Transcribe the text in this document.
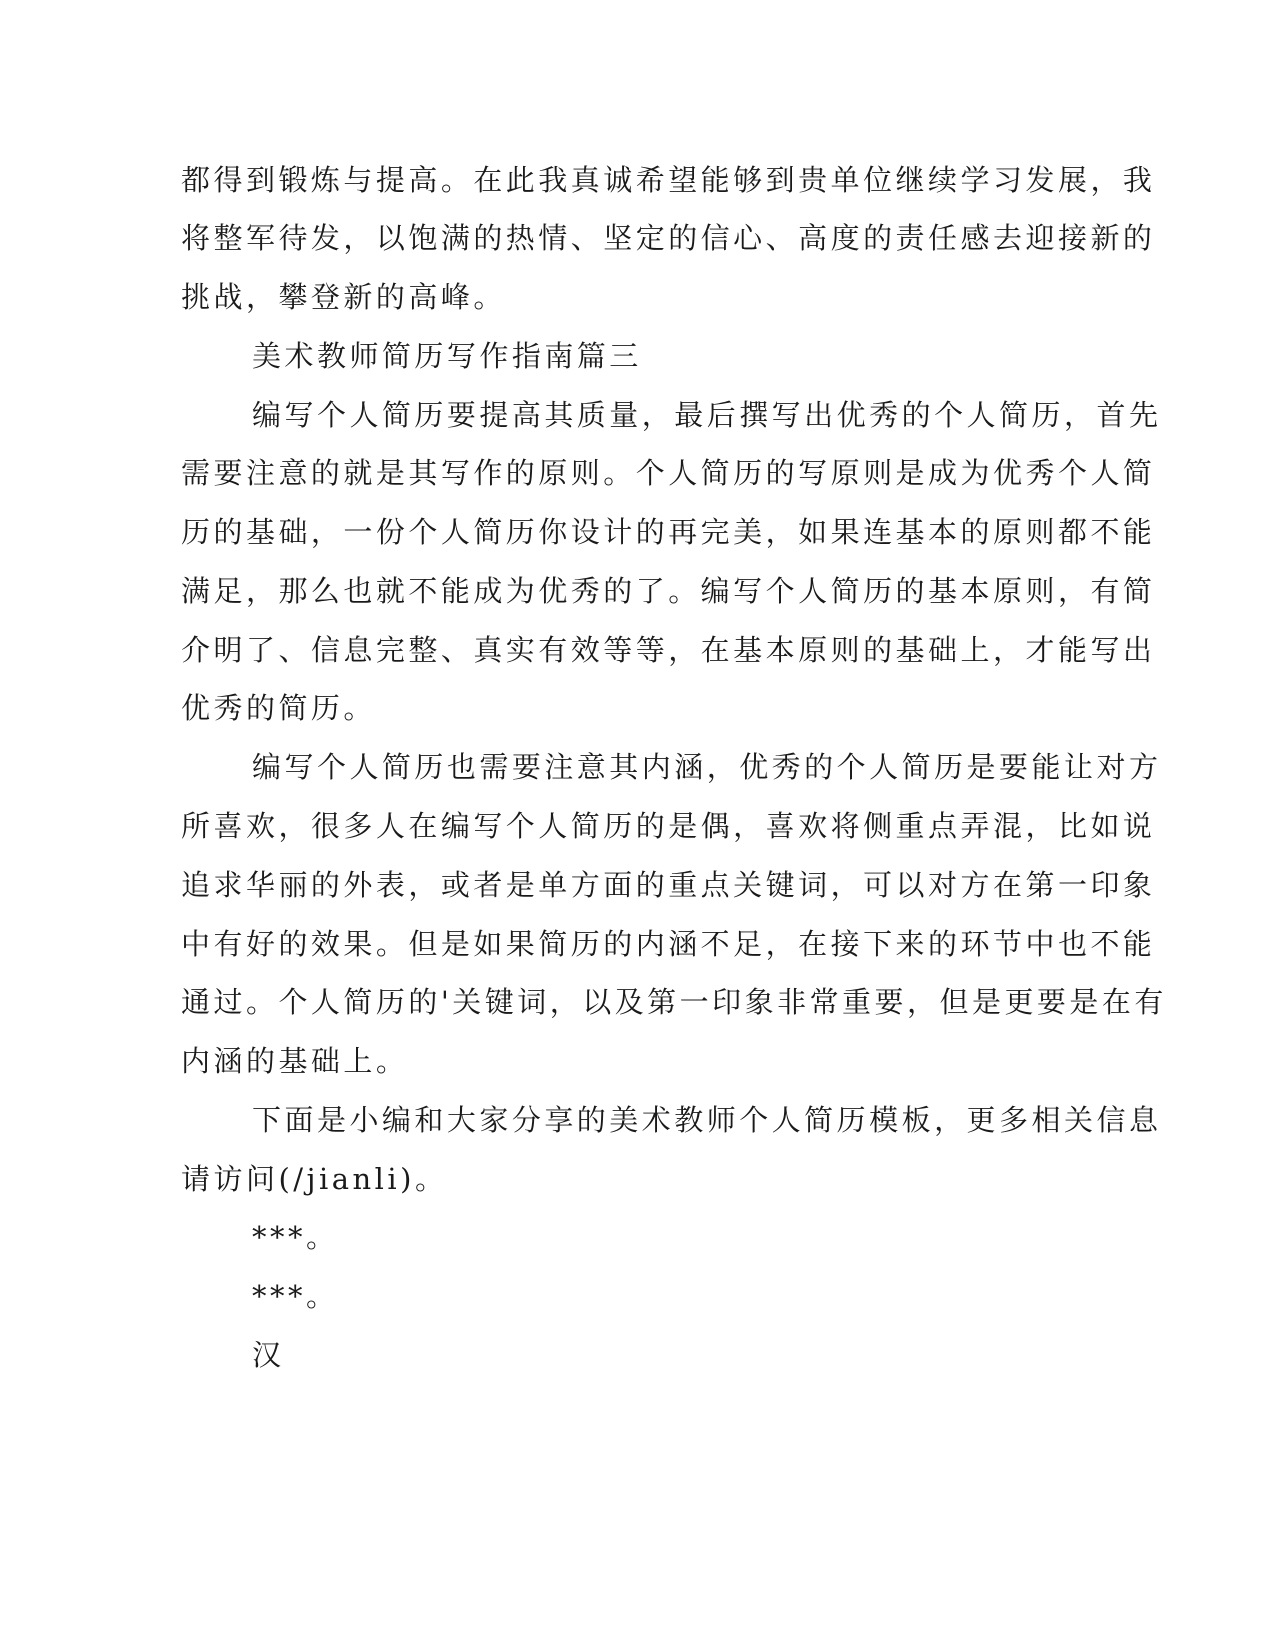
都得到锻炼与提高。在此我真诚希望能够到贵单位继续学习发展，我
将整军待发，以饱满的热情、坚定的信心、高度的责任感去迎接新的
挑战，攀登新的高峰。
美术教师简历写作指南篇三
编写个人简历要提高其质量，最后撰写出优秀的个人简历，首先
需要注意的就是其写作的原则。个人简历的写原则是成为优秀个人简
历的基础，一份个人简历你设计的再完美，如果连基本的原则都不能
满足，那么也就不能成为优秀的了。编写个人简历的基本原则，有简
介明了、信息完整、真实有效等等，在基本原则的基础上，才能写出
优秀的简历。
编写个人简历也需要注意其内涵，优秀的个人简历是要能让对方
所喜欢，很多人在编写个人简历的是偶，喜欢将侧重点弄混，比如说
追求华丽的外表，或者是单方面的重点关键词，可以对方在第一印象
中有好的效果。但是如果简历的内涵不足，在接下来的环节中也不能
通过。个人简历的'关键词，以及第一印象非常重要，但是更要是在有
内涵的基础上。
下面是小编和大家分享的美术教师个人简历模板，更多相关信息
请访问(/jianli)。
***。
***。
汉
